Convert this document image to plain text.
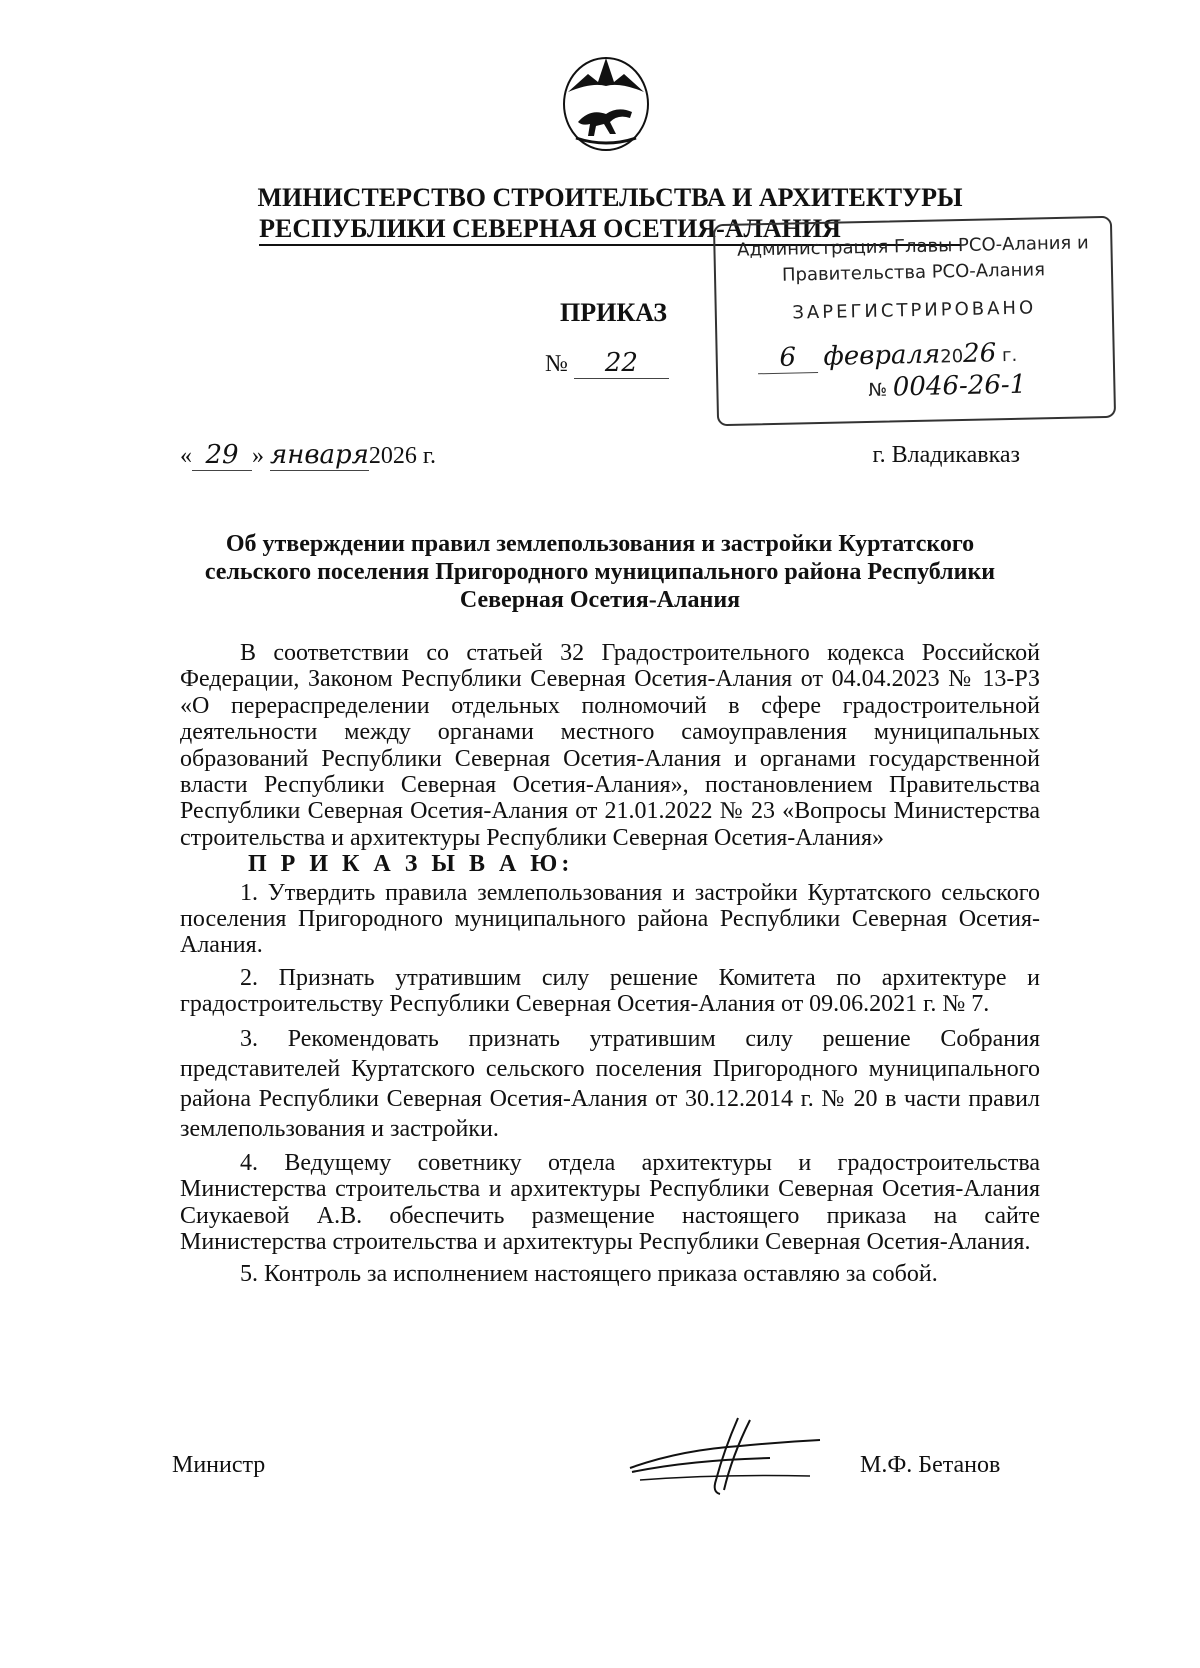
МИНИСТЕРСТВО СТРОИТЕЛЬСТВА И АРХИТЕКТУРЫ
РЕСПУБЛИКИ СЕВЕРНАЯ ОСЕТИЯ-АЛАНИЯ
Администрация Главы РСО-Алания и
Правительства РСО-Алания
ЗАРЕГИСТРИРОВАНО
6 февраля2026 г.
№ 0046-26-1
ПРИКАЗ
№ 22
« 29 » января2026 г.	г. Владикавказ
Об утверждении правил землепользования и застройки Куртатского
сельского поселения Пригородного муниципального района Республики
Северная Осетия-Алания

В соответствии со статьей 32 Градостроительного кодекса Российской Федерации, Законом Республики Северная Осетия-Алания от 04.04.2023 № 13-РЗ «О перераспределении отдельных полномочий в сфере градостроительной деятельности между органами местного самоуправления муниципальных образований Республики Северная Осетия-Алания и органами государственной власти Республики Северная Осетия-Алания», постановлением Правительства Республики Северная Осетия-Алания от 21.01.2022 № 23 «Вопросы Министерства строительства и архитектуры Республики Северная Осетия-Алания»

П Р И К А З Ы В А Ю:

1. Утвердить правила землепользования и застройки Куртатского сельского поселения Пригородного муниципального района Республики Северная Осетия-Алания.

2. Признать утратившим силу решение Комитета по архитектуре и градостроительству Республики Северная Осетия-Алания от 09.06.2021 г. № 7.

3. Рекомендовать признать утратившим силу решение Собрания представителей Куртатского сельского поселения Пригородного муниципального района Республики Северная Осетия-Алания от 30.12.2014 г. № 20 в части правил землепользования и застройки.

4. Ведущему советнику отдела архитектуры и градостроительства Министерства строительства и архитектуры Республики Северная Осетия-Алания Сиукаевой А.В. обеспечить размещение настоящего приказа на сайте Министерства строительства и архитектуры Республики Северная Осетия-Алания.

5. Контроль за исполнением настоящего приказа оставляю за собой.

Министр	М.Ф. Бетанов
